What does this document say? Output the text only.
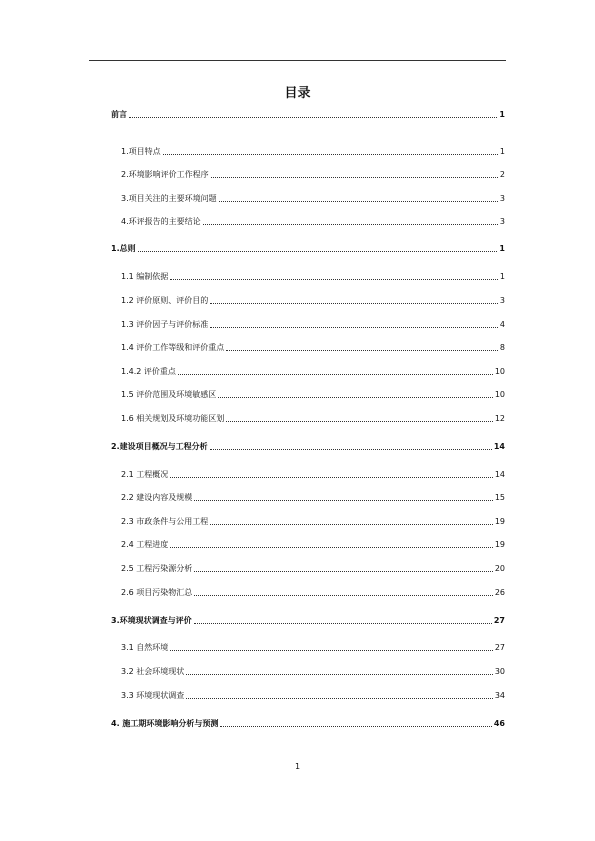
目录
前言	1
1.项目特点	1
2.环境影响评价工作程序	2
3.项目关注的主要环境问题	3
4.环评报告的主要结论	3
1.总则	1
1.1 编制依据	1
1.2 评价原则、评价目的	3
1.3 评价因子与评价标准	4
1.4 评价工作等级和评价重点	8
1.4.2 评价重点	10
1.5 评价范围及环境敏感区	10
1.6 相关规划及环境功能区划	12
2.建设项目概况与工程分析	14
2.1 工程概况	14
2.2 建设内容及规模	15
2.3 市政条件与公用工程	19
2.4 工程进度	19
2.5 工程污染源分析	20
2.6 项目污染物汇总	26
3.环境现状调查与评价	27
3.1 自然环境	27
3.2 社会环境现状	30
3.3 环境现状调查	34
4. 施工期环境影响分析与预测	46
1
